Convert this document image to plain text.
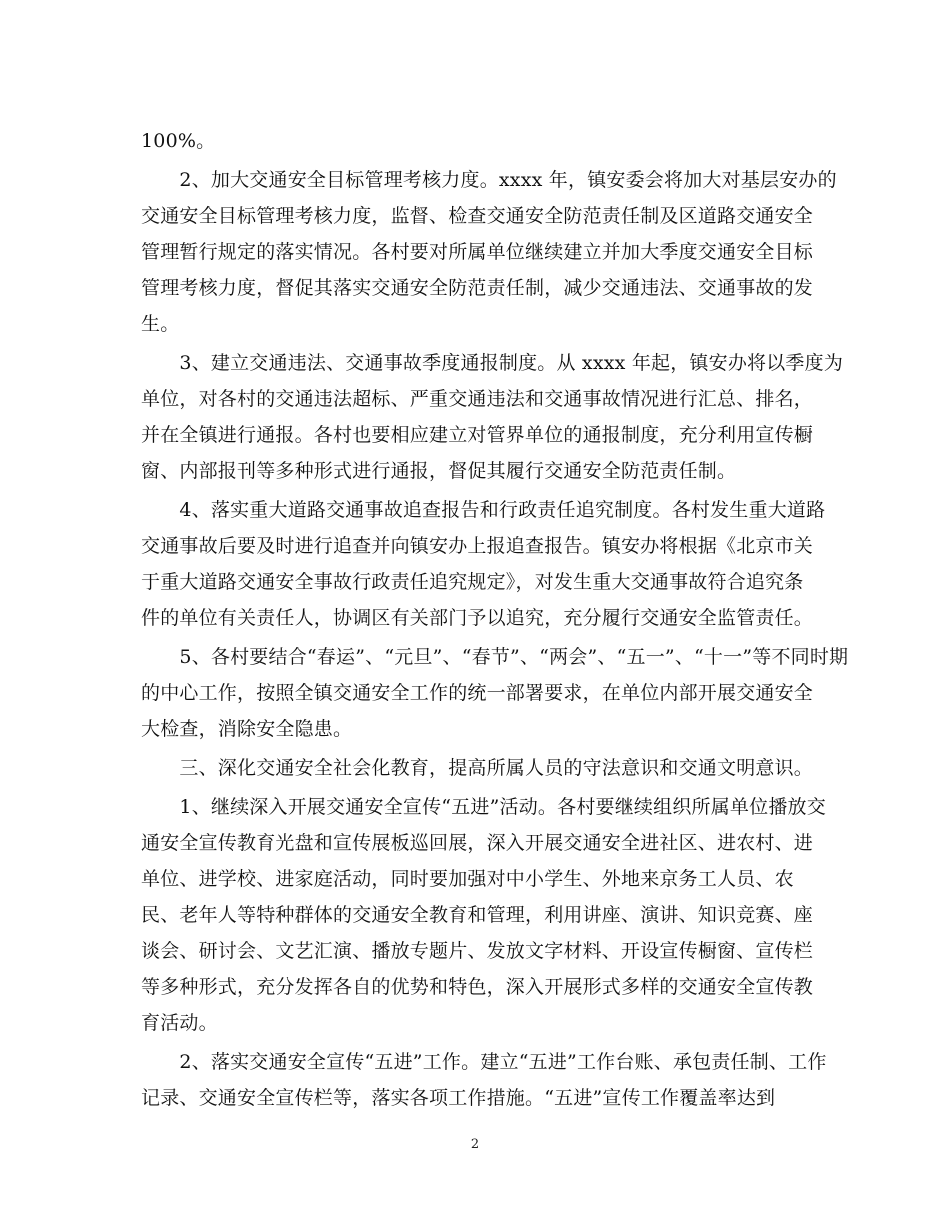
100%。
　　2、加大交通安全目标管理考核力度。xxxx 年，镇安委会将加大对基层安办的
交通安全目标管理考核力度，监督、检查交通安全防范责任制及区道路交通安全
管理暂行规定的落实情况。各村要对所属单位继续建立并加大季度交通安全目标
管理考核力度，督促其落实交通安全防范责任制，减少交通违法、交通事故的发
生。
　　3、建立交通违法、交通事故季度通报制度。从 xxxx 年起，镇安办将以季度为
单位，对各村的交通违法超标、严重交通违法和交通事故情况进行汇总、排名，
并在全镇进行通报。各村也要相应建立对管界单位的通报制度，充分利用宣传橱
窗、内部报刊等多种形式进行通报，督促其履行交通安全防范责任制。
　　4、落实重大道路交通事故追查报告和行政责任追究制度。各村发生重大道路
交通事故后要及时进行追查并向镇安办上报追查报告。镇安办将根据《北京市关
于重大道路交通安全事故行政责任追究规定》，对发生重大交通事故符合追究条
件的单位有关责任人，协调区有关部门予以追究，充分履行交通安全监管责任。
　　5、各村要结合“春运”、“元旦”、“春节”、“两会”、“五一”、“十一”等不同时期
的中心工作，按照全镇交通安全工作的统一部署要求，在单位内部开展交通安全
大检查，消除安全隐患。
　　三、深化交通安全社会化教育，提高所属人员的守法意识和交通文明意识。
　　1、继续深入开展交通安全宣传“五进”活动。各村要继续组织所属单位播放交
通安全宣传教育光盘和宣传展板巡回展，深入开展交通安全进社区、进农村、进
单位、进学校、进家庭活动，同时要加强对中小学生、外地来京务工人员、农
民、老年人等特种群体的交通安全教育和管理，利用讲座、演讲、知识竞赛、座
谈会、研讨会、文艺汇演、播放专题片、发放文字材料、开设宣传橱窗、宣传栏
等多种形式，充分发挥各自的优势和特色，深入开展形式多样的交通安全宣传教
育活动。
　　2、落实交通安全宣传“五进”工作。建立“五进”工作台账、承包责任制、工作
记录、交通安全宣传栏等，落实各项工作措施。“五进”宣传工作覆盖率达到
2
